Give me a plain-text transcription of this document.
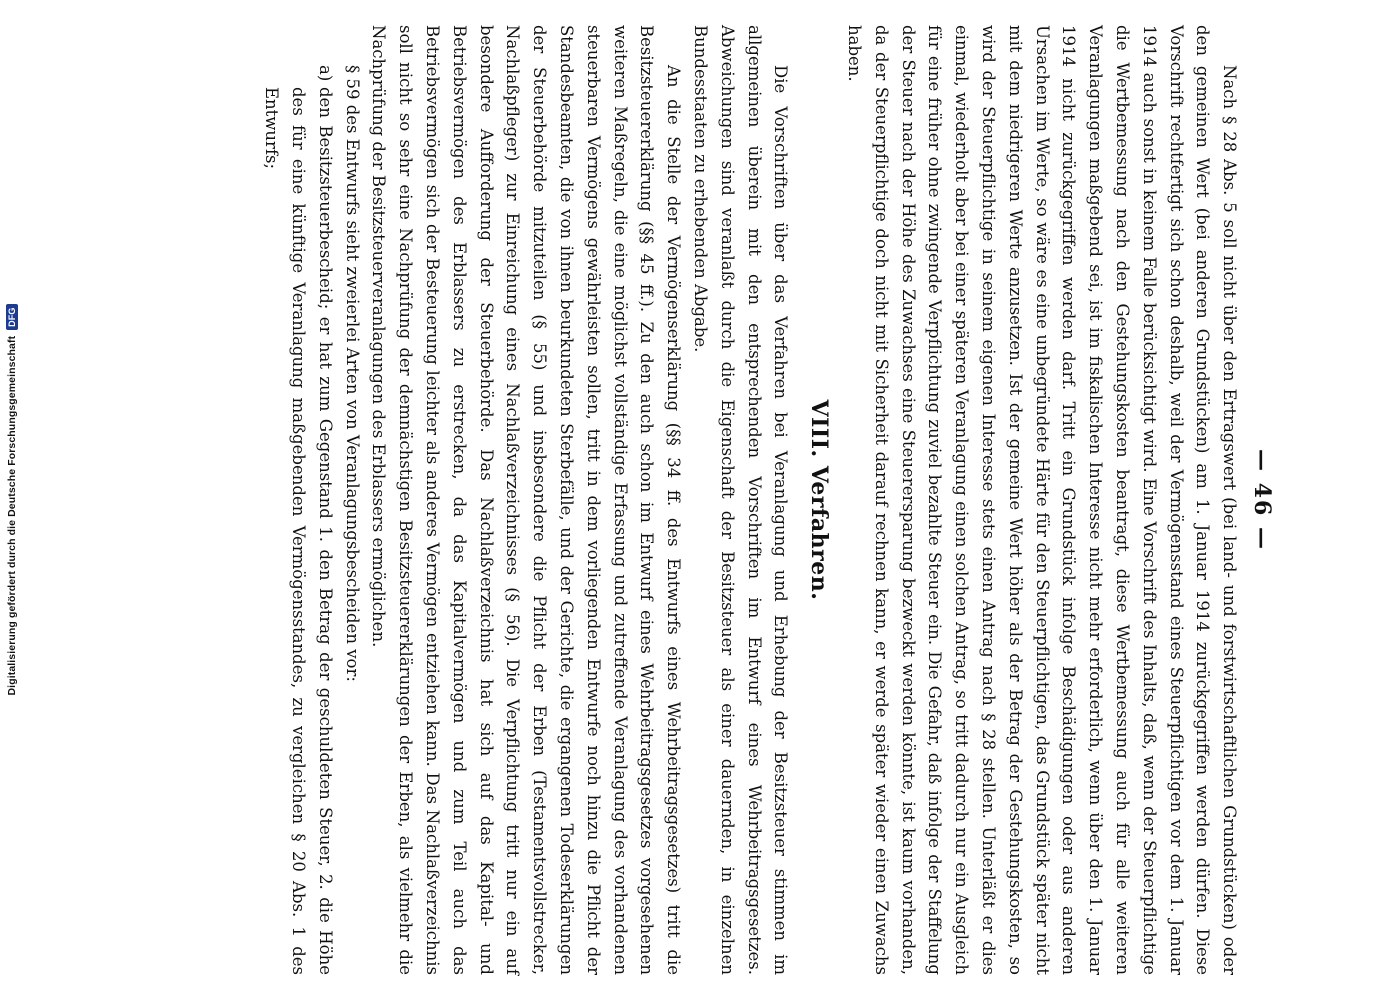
Digitalisierung gefördert durch die Deutsche Forschungsgemeinschaft
DFG
— 46 —

Nach § 28 Abs. 5 soll nicht über den Ertragswert (bei land- und forstwirtschaftlichen Grundstücken) oder den gemeinen Wert (bei anderen Grundstücken) am 1. Januar 1914 zurückgegriffen werden dürfen. Diese Vorschrift rechtfertigt sich schon deshalb, weil der Vermögensstand eines Steuerpflichtigen vor dem 1. Januar 1914 auch sonst in keinem Falle berücksichtigt wird. Eine Vorschrift des Inhalts, daß, wenn der Steuerpflichtige die Wertbemessung nach den Gestehungskosten beantragt, diese Wertbemessung auch für alle weiteren Veranlagungen maßgebend sei, ist im fiskalischen Interesse nicht mehr erforderlich, wenn über den 1. Januar 1914 nicht zurückgegriffen werden darf. Tritt ein Grundstück infolge Beschädigungen oder aus anderen Ursachen im Werte, so wäre es eine unbegründete Härte für den Steuerpflichtigen, das Grundstück später nicht mit dem niedrigeren Werte anzusetzen. Ist der gemeine Wert höher als der Betrag der Gestehungskosten, so wird der Steuerpflichtige in seinem eigenen Interesse stets einen Antrag nach § 28 stellen. Unterläßt er dies einmal, wiederholt aber bei einer späteren Veranlagung einen solchen Antrag, so tritt dadurch nur ein Ausgleich für eine früher ohne zwingende Verpflichtung zuviel bezahlte Steuer ein. Die Gefahr, daß infolge der Staffelung der Steuer nach der Höhe des Zuwachses eine Steuerersparung bezweckt werden könnte, ist kaum vorhanden, da der Steuerpflichtige doch nicht mit Sicherheit darauf rechnen kann, er werde später wieder einen Zuwachs haben.

VIII. Verfahren.

Die Vorschriften über das Verfahren bei Veranlagung und Erhebung der Besitzsteuer stimmen im allgemeinen überein mit den entsprechenden Vorschriften im Entwurf eines Wehrbeitragsgesetzes. Abweichungen sind veranlaßt durch die Eigenschaft der Besitzsteuer als einer dauernden, in einzelnen Bundesstaaten zu erhebenden Abgabe.

An die Stelle der Vermögenserklärung (§§ 34 ff. des Entwurfs eines Wehrbeitragsgesetzes) tritt die Besitzsteuererklärung (§§ 45 ff.). Zu den auch schon im Entwurf eines Wehrbeitragsgesetzes vorgesehenen weiteren Maßregeln, die eine möglichst vollständige Erfassung und zutreffende Veranlagung des vorhandenen steuerbaren Vermögens gewährleisten sollen, tritt in dem vorliegenden Entwurfe noch hinzu die Pflicht der Standesbeamten, die von ihnen beurkundeten Sterbefälle, und der Gerichte, die ergangenen Todeserklärungen der Steuerbehörde mitzuteilen (§ 55) und insbesondere die Pflicht der Erben (Testamentsvollstrecker, Nachlaßpfleger) zur Einreichung eines Nachlaßverzeichnisses (§ 56). Die Verpflichtung tritt nur ein auf besondere Aufforderung der Steuerbehörde. Das Nachlaßverzeichnis hat sich auf das Kapital- und Betriebsvermögen des Erblassers zu erstrecken, da das Kapitalvermögen und zum Teil auch das Betriebsvermögen sich der Besteuerung leichter als anderes Vermögen entziehen kann. Das Nachlaßverzeichnis soll nicht so sehr eine Nachprüfung der demnächstigen Besitzsteuererklärungen der Erben, als vielmehr die Nachprüfung der Besitzsteuerveranlagungen des Erblassers ermöglichen.

§ 59 des Entwurfs sieht zweierlei Arten von Veranlagungsbescheiden vor:

a)den Besitzsteuerbescheid; er hat zum Gegenstand 1. den Betrag der geschuldeten Steuer, 2. die Höhe des für eine künftige Veranlagung maßgebenden Vermögensstandes, zu vergleichen § 20 Abs. 1 des Entwurfs;
